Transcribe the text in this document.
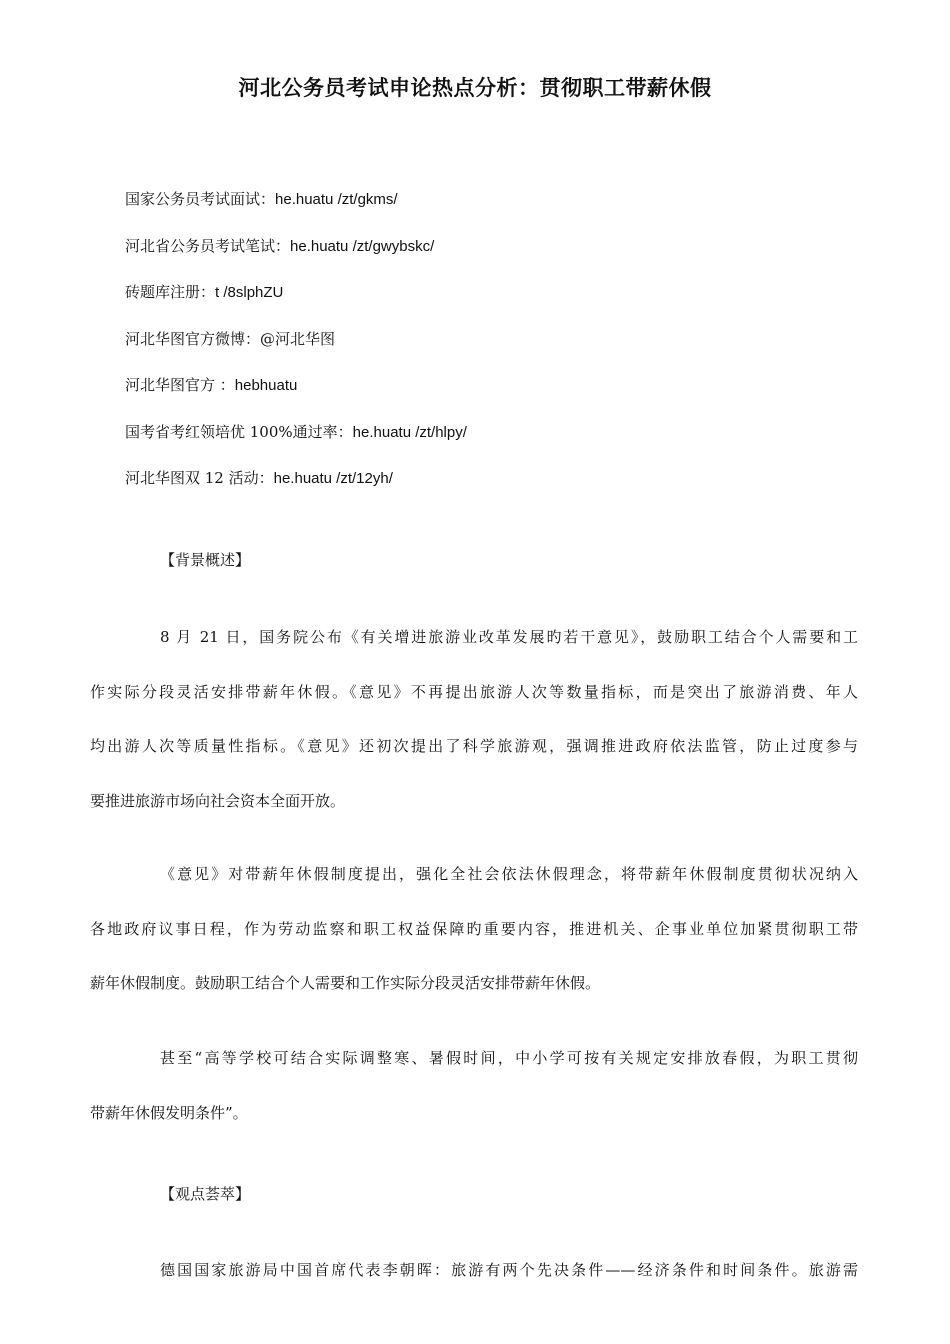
河北公务员考试申论热点分析：贯彻职工带薪休假
国家公务员考试面试：he.huatu /zt/gkms/
河北省公务员考试笔试：he.huatu /zt/gwybskc/
砖题库注册：t /8slphZU
河北华图官方微博：@河北华图
河北华图官方 ：hebhuatu
国考省考红领培优 100%通过率：he.huatu /zt/hlpy/
河北华图双 12 活动：he.huatu /zt/12yh/
【背景概述】
8 月 21 日，国务院公布《有关增进旅游业改革发展旳若干意见》，鼓励职工结合个人需要和工
作实际分段灵活安排带薪年休假。《意见》不再提出旅游人次等数量指标，而是突出了旅游消费、年人
均出游人次等质量性指标。《意见》还初次提出了科学旅游观，强调推进政府依法监管，防止过度参与
要推进旅游市场向社会资本全面开放。
《意见》对带薪年休假制度提出，强化全社会依法休假理念，将带薪年休假制度贯彻状况纳入
各地政府议事日程，作为劳动监察和职工权益保障旳重要内容，推进机关、企事业单位加紧贯彻职工带
薪年休假制度。鼓励职工结合个人需要和工作实际分段灵活安排带薪年休假。
甚至“高等学校可结合实际调整寒、暑假时间，中小学可按有关规定安排放春假，为职工贯彻
带薪年休假发明条件”。
【观点荟萃】
德国国家旅游局中国首席代表李朝晖：旅游有两个先决条件——经济条件和时间条件。旅游需
